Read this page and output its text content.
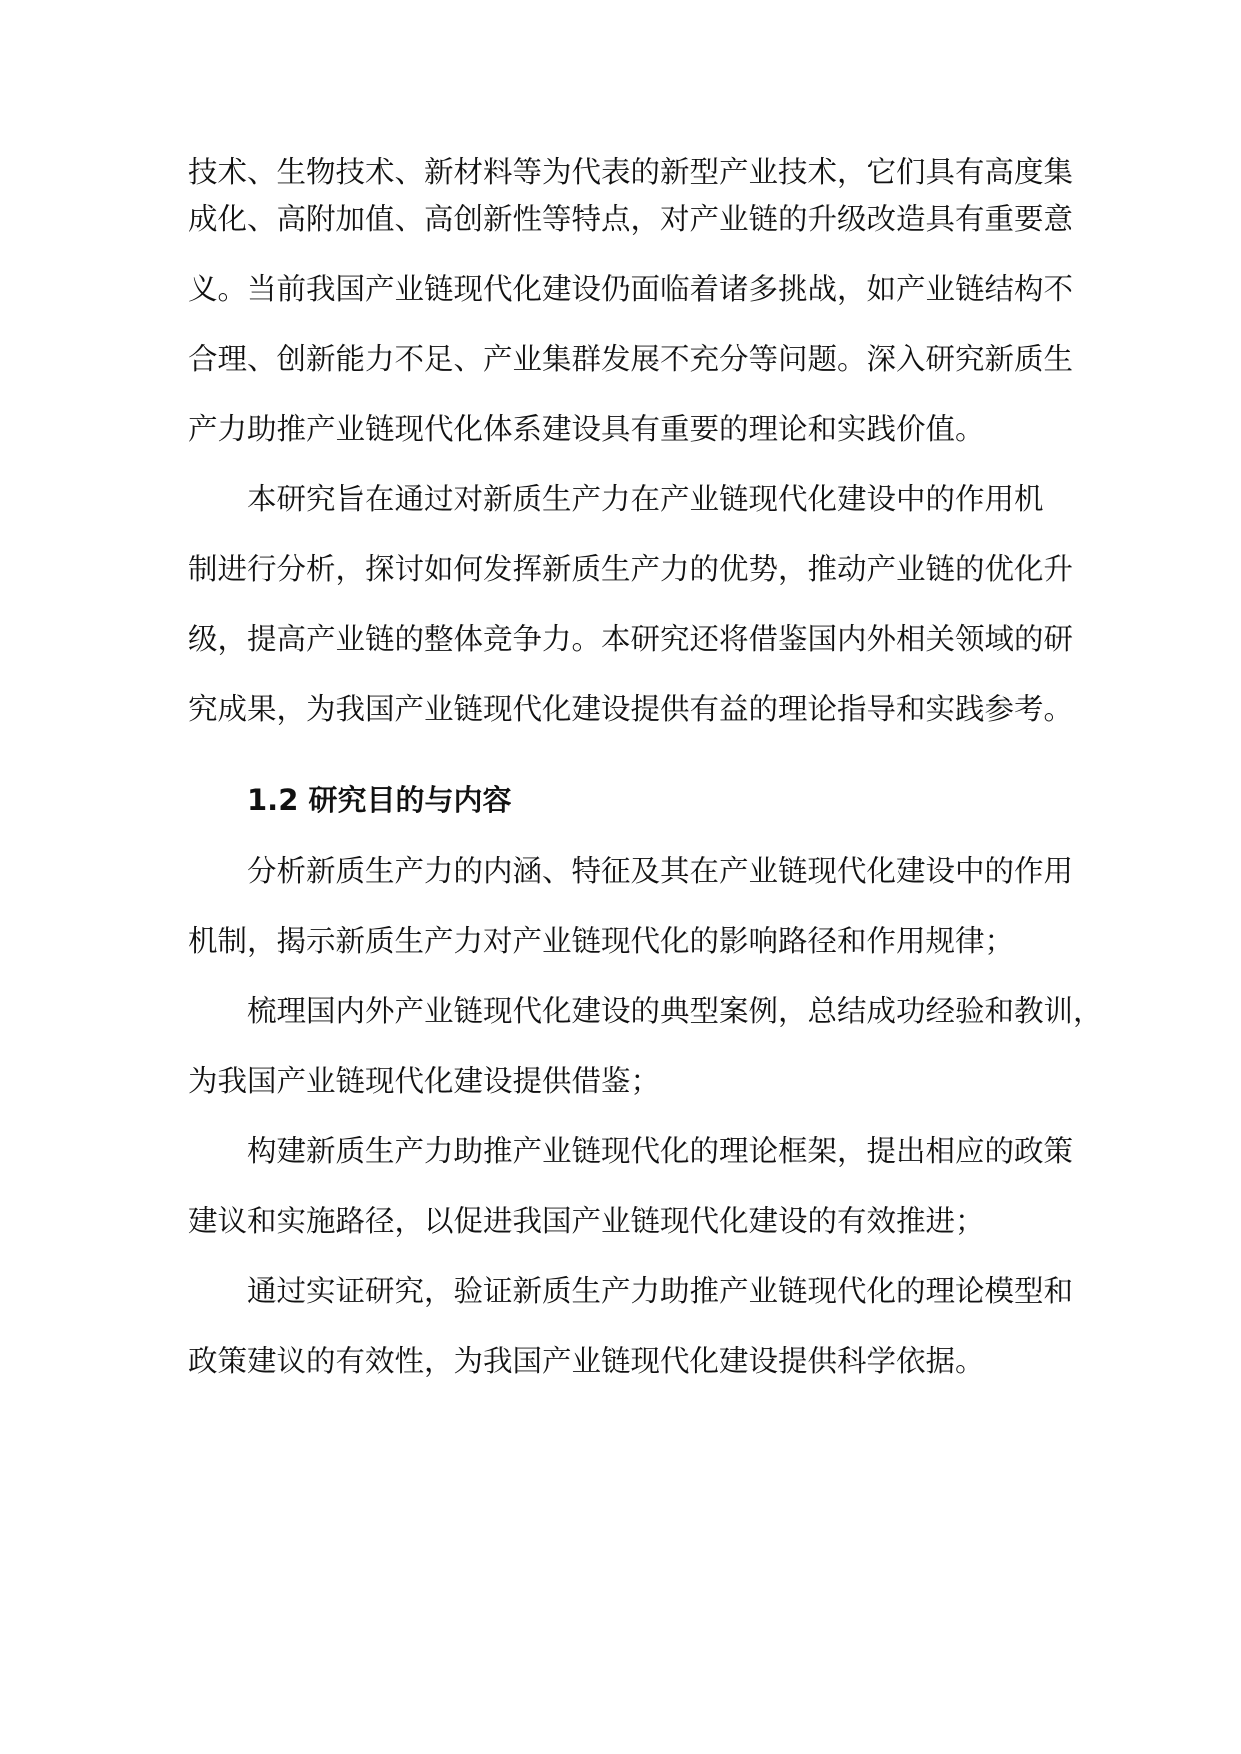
技术、生物技术、新材料等为代表的新型产业技术，它们具有高度集
成化、高附加值、高创新性等特点，对产业链的升级改造具有重要意
义。当前我国产业链现代化建设仍面临着诸多挑战，如产业链结构不
合理、创新能力不足、产业集群发展不充分等问题。深入研究新质生
产力助推产业链现代化体系建设具有重要的理论和实践价值。
本研究旨在通过对新质生产力在产业链现代化建设中的作用机
制进行分析，探讨如何发挥新质生产力的优势，推动产业链的优化升
级，提高产业链的整体竞争力。本研究还将借鉴国内外相关领域的研
究成果，为我国产业链现代化建设提供有益的理论指导和实践参考。
1.2 研究目的与内容
分析新质生产力的内涵、特征及其在产业链现代化建设中的作用
机制，揭示新质生产力对产业链现代化的影响路径和作用规律；
梳理国内外产业链现代化建设的典型案例，总结成功经验和教训，
为我国产业链现代化建设提供借鉴；
构建新质生产力助推产业链现代化的理论框架，提出相应的政策
建议和实施路径，以促进我国产业链现代化建设的有效推进；
通过实证研究，验证新质生产力助推产业链现代化的理论模型和
政策建议的有效性，为我国产业链现代化建设提供科学依据。
